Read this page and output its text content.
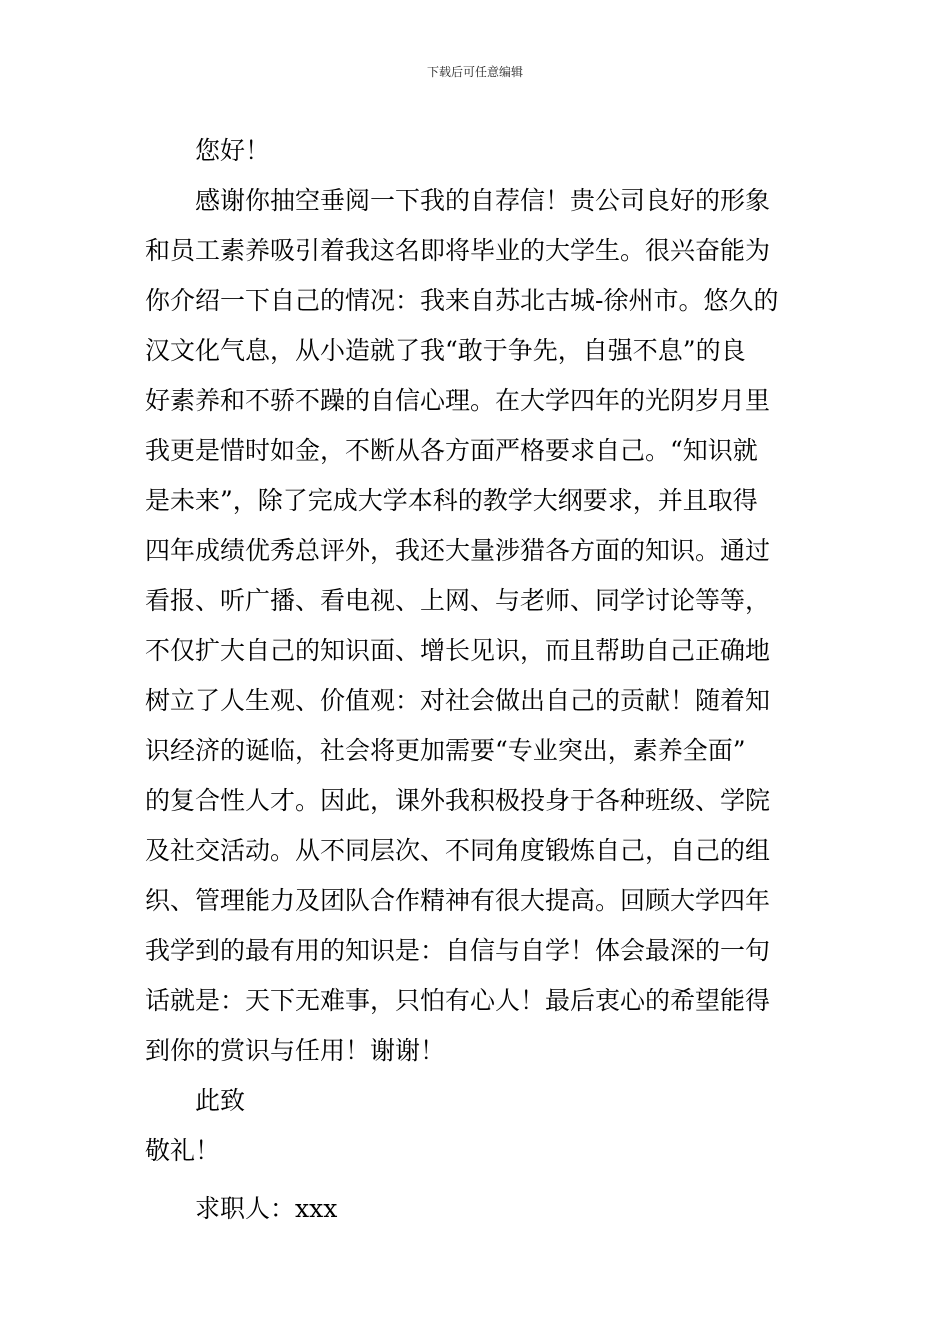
下载后可任意编辑

您好！

感谢你抽空垂阅一下我的自荐信！贵公司良好的形象

和员工素养吸引着我这名即将毕业的大学生。很兴奋能为

你介绍一下自己的情况：我来自苏北古城-徐州市。悠久的

汉文化气息，从小造就了我“敢于争先，自强不息”的良

好素养和不骄不躁的自信心理。在大学四年的光阴岁月里

我更是惜时如金，不断从各方面严格要求自己。“知识就

是未来”，除了完成大学本科的教学大纲要求，并且取得

四年成绩优秀总评外，我还大量涉猎各方面的知识。通过

看报、听广播、看电视、上网、与老师、同学讨论等等，

不仅扩大自己的知识面、增长见识，而且帮助自己正确地

树立了人生观、价值观：对社会做出自己的贡献！随着知

识经济的诞临，社会将更加需要“专业突出，素养全面”

的复合性人才。因此，课外我积极投身于各种班级、学院

及社交活动。从不同层次、不同角度锻炼自己，自己的组

织、管理能力及团队合作精神有很大提高。回顾大学四年

我学到的最有用的知识是：自信与自学！体会最深的一句

话就是：天下无难事，只怕有心人！最后衷心的希望能得

到你的赏识与任用！谢谢！

此致

敬礼！

求职人：xxx
